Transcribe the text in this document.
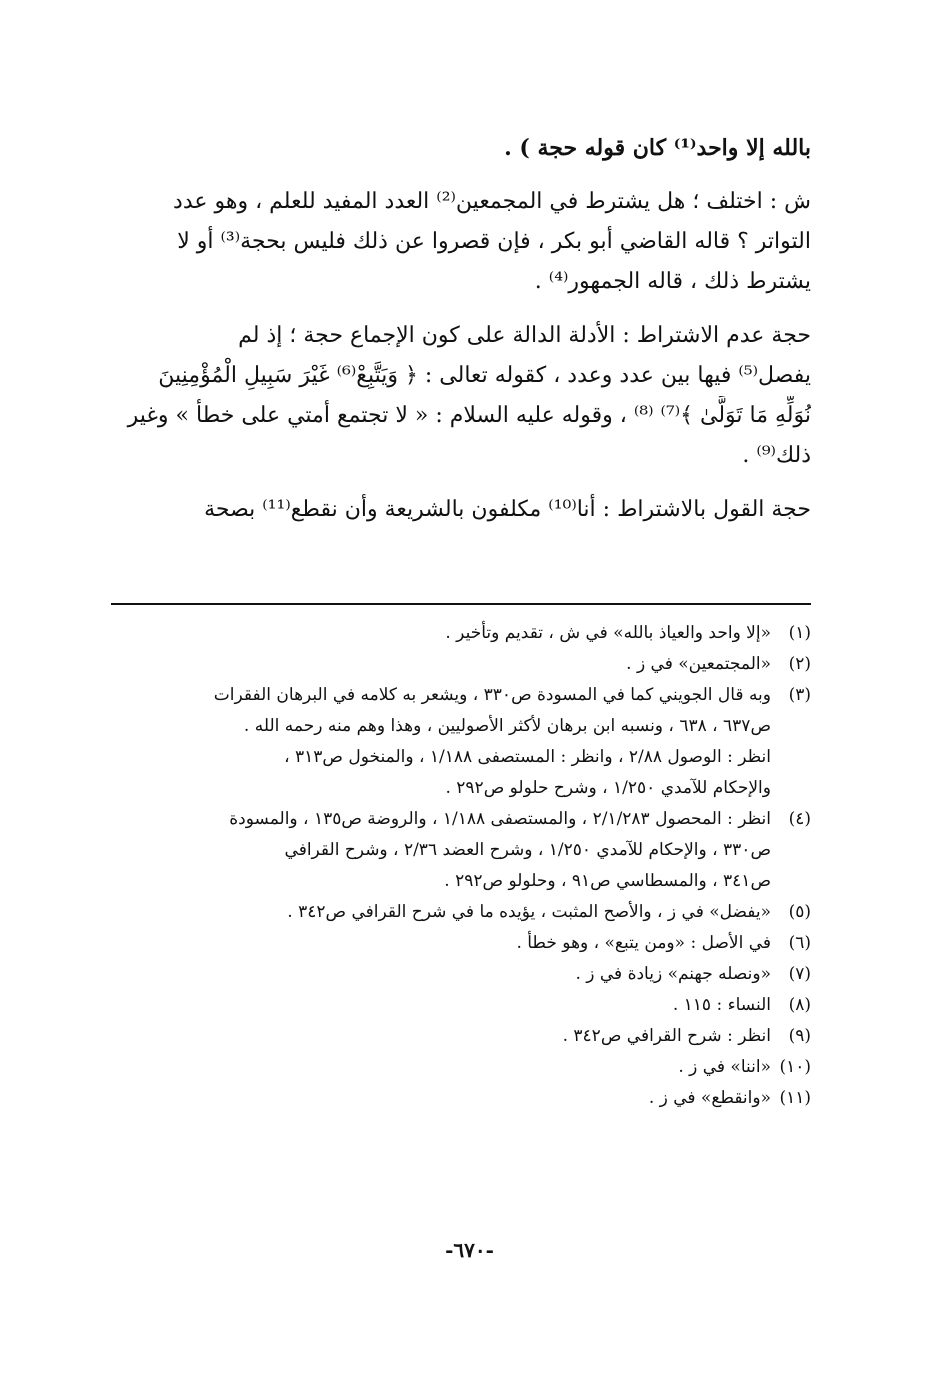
بالله إلا واحد⁽¹⁾ كان قوله حجة ) .

ش : اختلف ؛ هل يشترط في المجمعين⁽²⁾ العدد المفيد للعلم ، وهو عدد
التواتر ؟ قاله القاضي أبو بكر ، فإن قصروا عن ذلك فليس بحجة⁽³⁾ أو لا
يشترط ذلك ، قاله الجمهور⁽⁴⁾ .

حجة عدم الاشتراط : الأدلة الدالة على كون الإجماع حجة ؛ إذ لم
يفصل⁽⁵⁾ فيها بين عدد وعدد ، كقوله تعالى : ﴿ وَيَتَّبِعْ⁽⁶⁾ غَيْرَ سَبِيلِ الْمُؤْمِنِينَ
نُوَلِّهِ مَا تَوَلَّىٰ ﴾⁽⁷⁾ ⁽⁸⁾ ، وقوله عليه السلام : « لا تجتمع أمتي على خطأ » وغير
ذلك⁽⁹⁾ .

حجة القول بالاشتراط : أنا⁽¹⁰⁾ مكلفون بالشريعة وأن نقطع⁽¹¹⁾ بصحة

(١)«إلا واحد والعياذ بالله» في ش ، تقديم وتأخير .
(٢)«المجتمعين» في ز .
(٣)وبه قال الجويني كما في المسودة ص٣٣٠ ، ويشعر به كلامه في البرهان الفقرات
ص٦٣٧ ، ٦٣٨ ، ونسبه ابن برهان لأكثر الأصوليين ، وهذا وهم منه رحمه الله .
انظر : الوصول ٢/٨٨ ، وانظر : المستصفى ١/١٨٨ ، والمنخول ص٣١٣ ،
والإحكام للآمدي ١/٢٥٠ ، وشرح حلولو ص٢٩٢ .
(٤)انظر : المحصول ٢/١/٢٨٣ ، والمستصفى ١/١٨٨ ، والروضة ص١٣٥ ، والمسودة
ص٣٣٠ ، والإحكام للآمدي ١/٢٥٠ ، وشرح العضد ٢/٣٦ ، وشرح القرافي
ص٣٤١ ، والمسطاسي ص٩١ ، وحلولو ص٢٩٢ .
(٥)«يفضل» في ز ، والأصح المثبت ، يؤيده ما في شرح القرافي ص٣٤٢ .
(٦)في الأصل : «ومن يتبع» ، وهو خطأ .
(٧)«ونصله جهنم» زيادة في ز .
(٨)النساء : ١١٥ .
(٩)انظر : شرح القرافي ص٣٤٢ .
(١٠)«اننا» في ز .
(١١)«وانقطع» في ز .
-٦٧٠-
